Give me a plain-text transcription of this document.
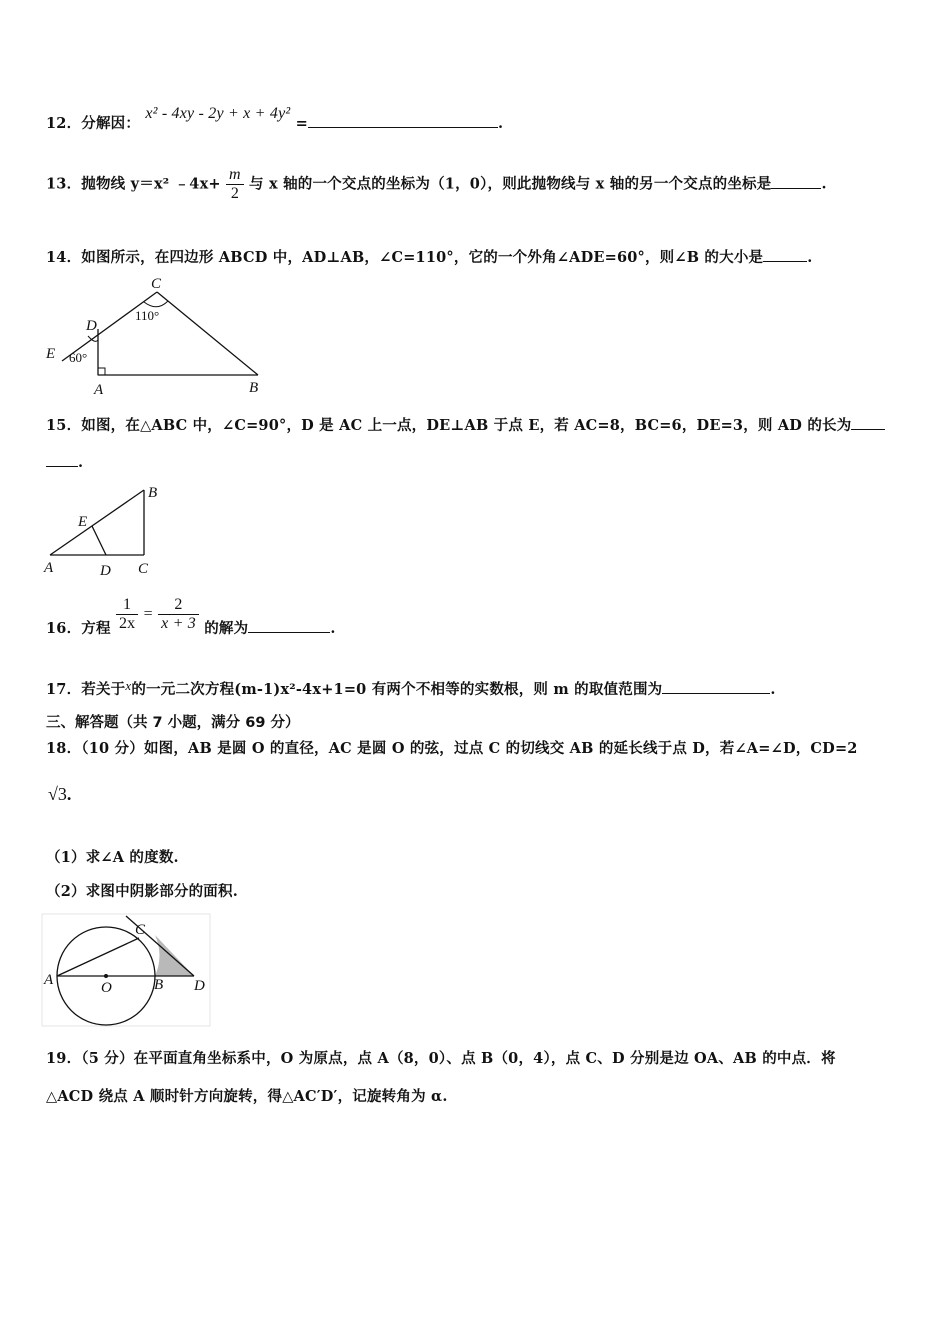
12．分解因： x² - 4xy - 2y + x + 4y² =	.
13．抛物线 y＝x² ﹣4x+ $\frac{m}{2}$ 与 x 轴的一个交点的坐标为（1，0），则此抛物线与 x 轴的另一个交点的坐标是	.
14．如图所示，在四边形 ABCD 中，AD⊥AB，∠C=110°，它的一个外角∠ADE=60°，则∠B 的大小是	.
C
110°
D
E 60°
A	B
15．如图，在△ABC 中，∠C=90°，D 是 AC 上一点，DE⊥AB 于点 E，若 AC=8，BC=6，DE=3，则 AD 的长为
.
A
B
C
D
E
16．方程 $\frac{1}{2x} = \frac{2}{x + 3}$ 的解为	.
17．若关于x的一元二次方程(m-1)x²-4x+1=0 有两个不相等的实数根，则 m 的取值范围为	.
三、解答题（共 7 小题，满分 69 分）
18．（10 分）如图，AB 是圆 O 的直径，AC 是圆 O 的弦，过点 C 的切线交 AB 的延长线于点 D，若∠A=∠D，CD=2
√3.
（1）求∠A 的度数.
（2）求图中阴影部分的面积.
A	O	B
C
D
19．（5 分）在平面直角坐标系中，O 为原点，点 A（8，0）、点 B（0，4），点 C、D 分别是边 OA、AB 的中点．将
△ACD 绕点 A 顺时针方向旋转，得△AC′D′，记旋转角为 α.
